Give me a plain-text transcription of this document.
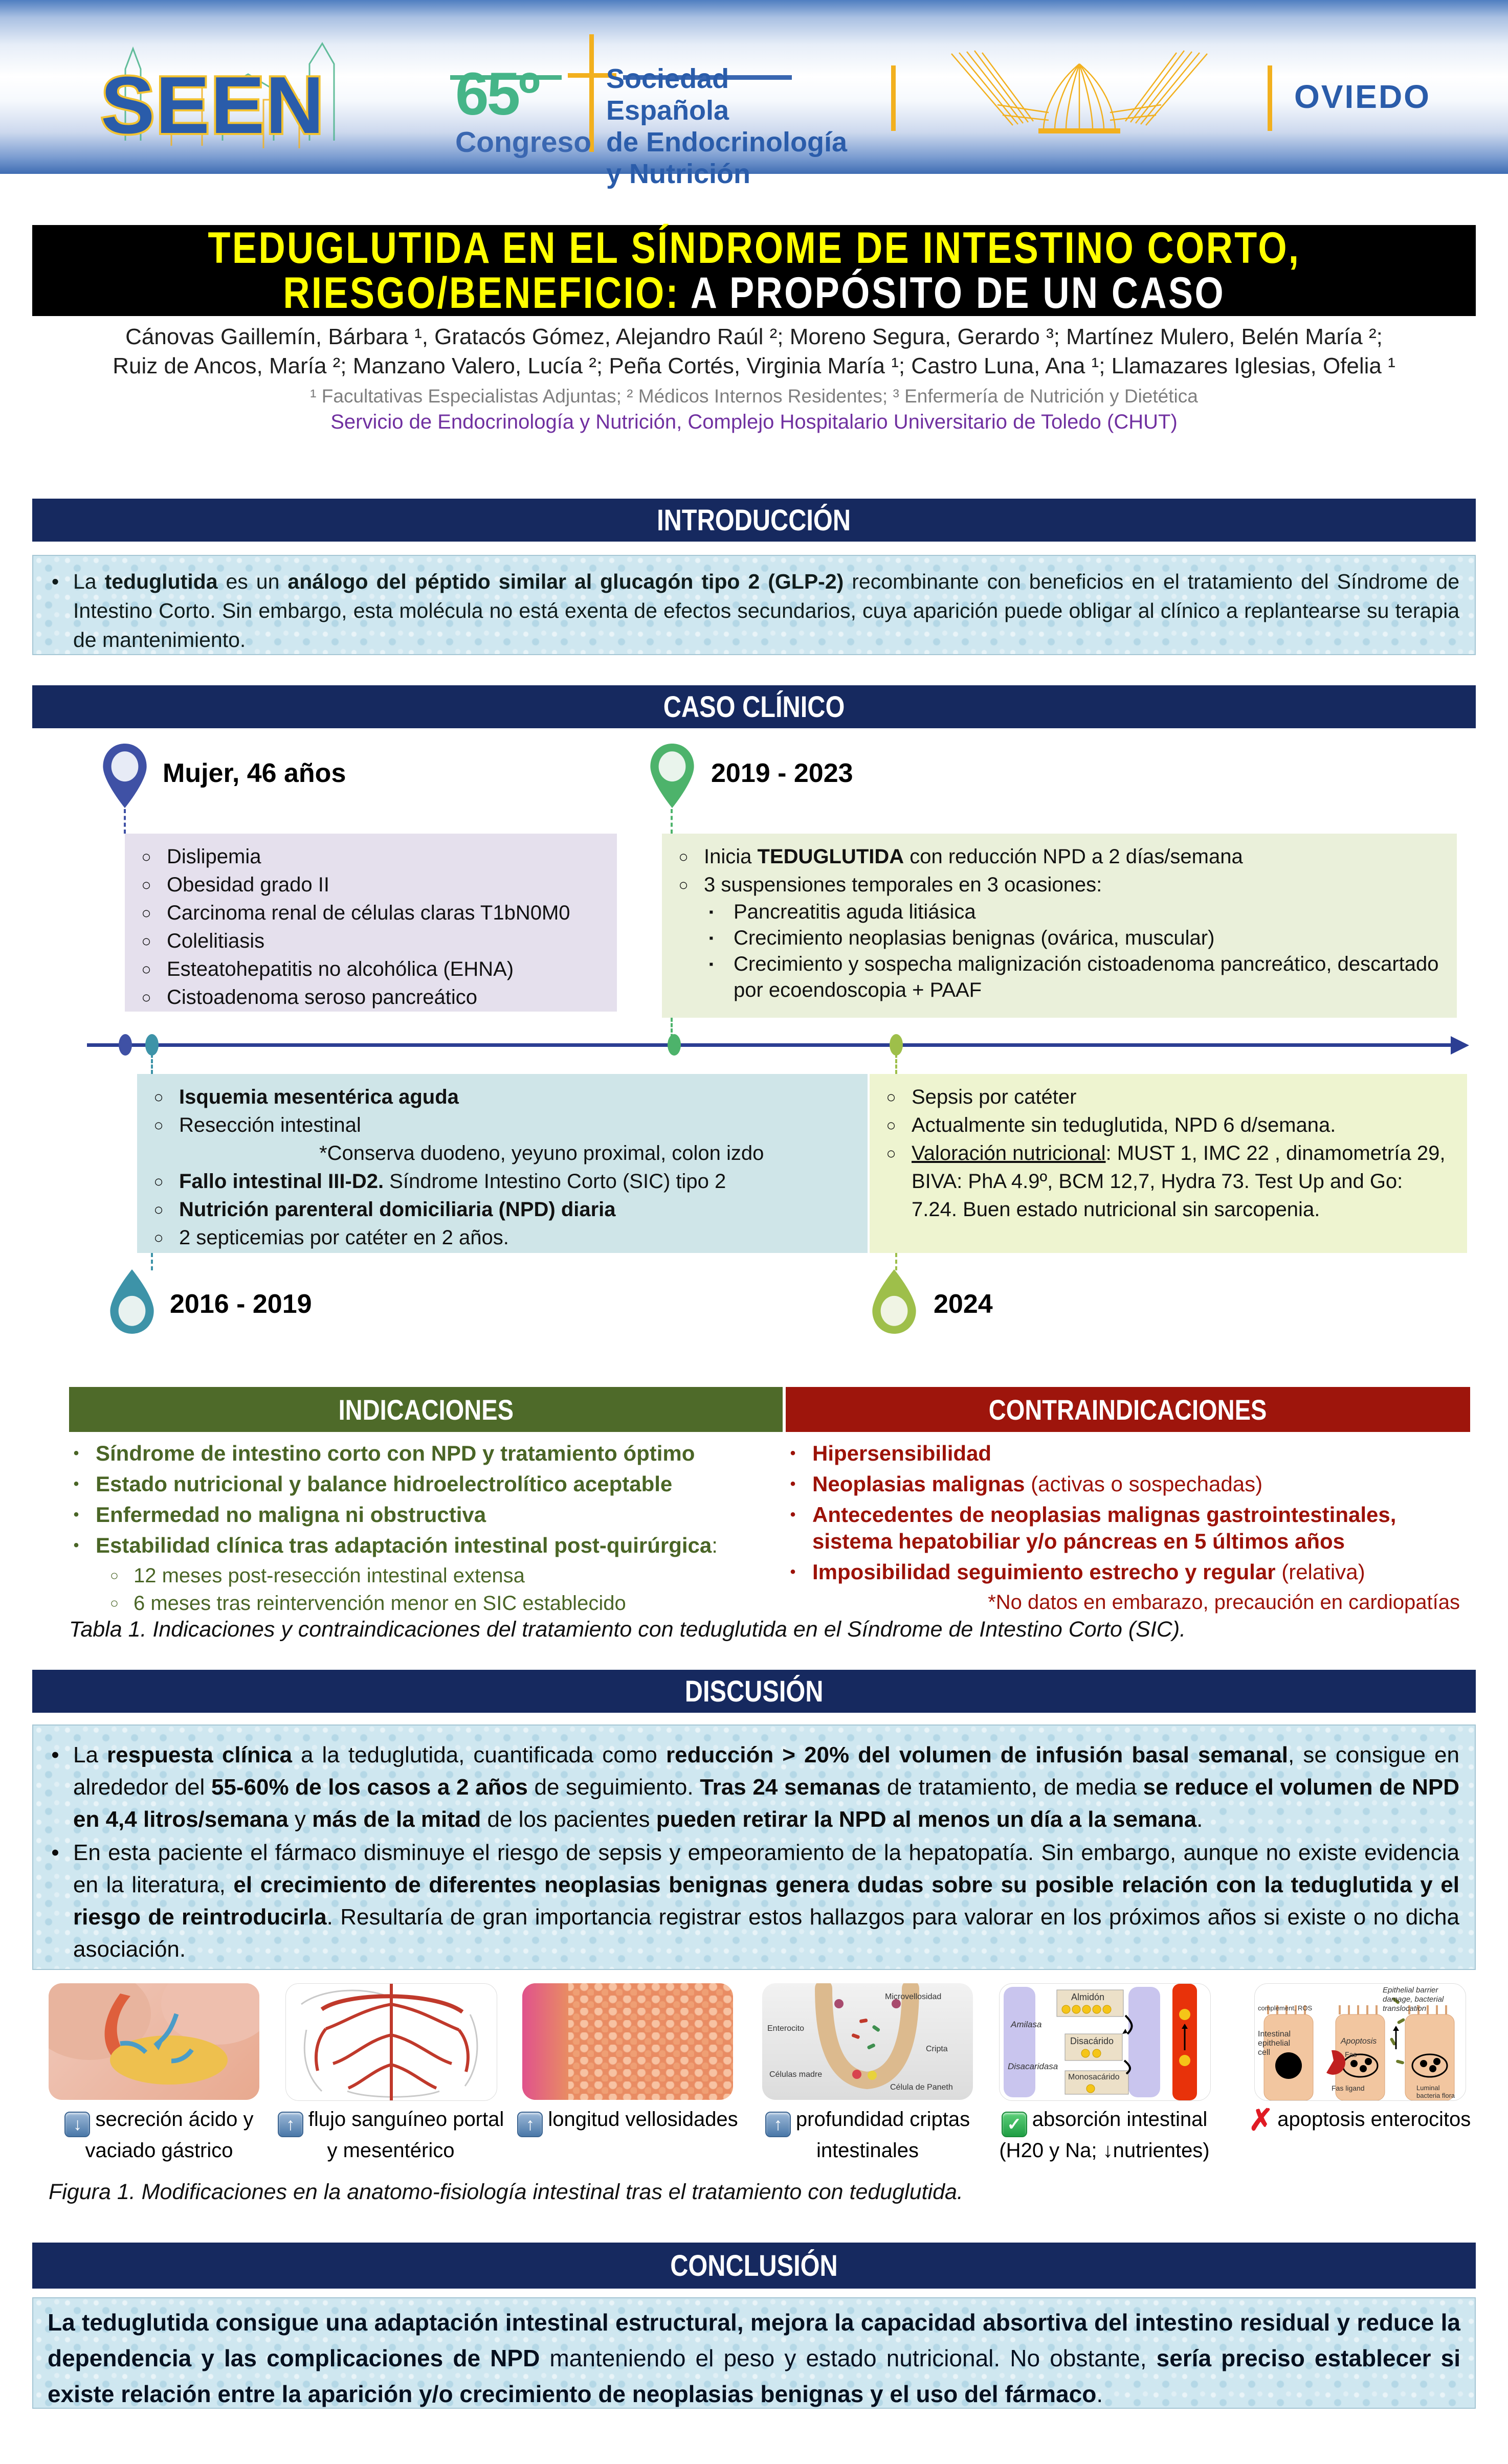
SEEN 65º
Congreso
Sociedad Española
de Endocrinología
y Nutrición
OVIEDO
TEDUGLUTIDA EN EL SÍNDROME DE INTESTINO CORTO,
RIESGO/BENEFICIO: A PROPÓSITO DE UN CASO
Cánovas Gaillemín, Bárbara ¹, Gratacós Gómez, Alejandro Raúl ²; Moreno Segura, Gerardo ³; Martínez Mulero, Belén María ²;
Ruiz de Ancos, María ²; Manzano Valero, Lucía ²; Peña Cortés, Virginia María ¹; Castro Luna, Ana ¹; Llamazares Iglesias, Ofelia ¹
¹ Facultativas Especialistas Adjuntas; ² Médicos Internos Residentes; ³ Enfermería de Nutrición y Dietética
Servicio de Endocrinología y Nutrición, Complejo Hospitalario Universitario de Toledo (CHUT)
INTRODUCCIÓN
• La teduglutida es un análogo del péptido similar al glucagón tipo 2 (GLP-2) recombinante con beneficios en el tratamiento del Síndrome de Intestino Corto. Sin embargo, esta molécula no está exenta de efectos secundarios, cuya aparición puede obligar al clínico a replantearse su terapia de mantenimiento.
CASO CLÍNICO
Mujer, 46 años	2019 - 2023
○ Dislipemia
○ Obesidad grado II
○ Carcinoma renal de células claras T1bN0M0
○ Colelitiasis
○ Esteatohepatitis no alcohólica (EHNA)
○ Cistoadenoma seroso pancreático
○ Inicia TEDUGLUTIDA con reducción NPD a 2 días/semana
○ 3 suspensiones temporales en 3 ocasiones:
▪ Pancreatitis aguda litiásica
▪ Crecimiento neoplasias benignas (ovárica, muscular)
▪ Crecimiento y sospecha malignización cistoadenoma pancreático, descartado por ecoendoscopia + PAAF
○ Isquemia mesentérica aguda
○ Resección intestinal
*Conserva duodeno, yeyuno proximal, colon izdo
○ Fallo intestinal III-D2. Síndrome Intestino Corto (SIC) tipo 2
○ Nutrición parenteral domiciliaria (NPD) diaria
○ 2 septicemias por catéter en 2 años.
○ Sepsis por catéter
○ Actualmente sin teduglutida, NPD 6 d/semana.
○ Valoración nutricional: MUST 1, IMC 22 , dinamometría 29, BIVA: PhA 4.9º, BCM 12,7, Hydra 73. Test Up and Go: 7.24. Buen estado nutricional sin sarcopenia.
2016 - 2019	2024
INDICACIONES	CONTRAINDICACIONES
• Síndrome de intestino corto con NPD y tratamiento óptimo
• Estado nutricional y balance hidroelectrolítico aceptable
• Enfermedad no maligna ni obstructiva
• Estabilidad clínica tras adaptación intestinal post-quirúrgica:
○ 12 meses post-resección intestinal extensa
○ 6 meses tras reintervención menor en SIC establecido
• Hipersensibilidad
• Neoplasias malignas (activas o sospechadas)
• Antecedentes de neoplasias malignas gastrointestinales, sistema hepatobiliar y/o páncreas en 5 últimos años
• Imposibilidad seguimiento estrecho y regular (relativa)
*No datos en embarazo, precaución en cardiopatías
Tabla 1. Indicaciones y contraindicaciones del tratamiento con teduglutida en el Síndrome de Intestino Corto (SIC).
DISCUSIÓN
• La respuesta clínica a la teduglutida, cuantificada como reducción > 20% del volumen de infusión basal semanal, se consigue en alrededor del 55-60% de los casos a 2 años de seguimiento. Tras 24 semanas de tratamiento, de media se reduce el volumen de NPD en 4,4 litros/semana y más de la mitad de los pacientes pueden retirar la NPD al menos un día a la semana.
• En esta paciente el fármaco disminuye el riesgo de sepsis y empeoramiento de la hepatopatía. Sin embargo, aunque no existe evidencia en la literatura, el crecimiento de diferentes neoplasias benignas genera dudas sobre su posible relación con la teduglutida y el riesgo de reintroducirla. Resultaría de gran importancia registrar estos hallazgos para valorar en los próximos años si existe o no dicha asociación.
Microvellosidad
Enterocito
Cripta
Células madre
Célula de Paneth
Almidón
Amilasa
Disacárido
Disacaridasa
Monosacárido
Epithelial barrier damage, bacterial translocation
Intestinal epithelial cell
Apoptosis
Fas
Fas ligand	Luminal bacteria flora
complement, ROS
↓ secreción ácido y vaciado gástrico
↑ flujo sanguíneo portal y mesentérico
↑ longitud vellosidades	↑ profundidad criptas intestinales
✓ absorción intestinal (H20 y Na; ↓nutrientes)
✗ apoptosis enterocitos
Figura 1. Modificaciones en la anatomo-fisiología intestinal tras el tratamiento con teduglutida.
CONCLUSIÓN
La teduglutida consigue una adaptación intestinal estructural, mejora la capacidad absortiva del intestino residual y reduce la dependencia y las complicaciones de NPD manteniendo el peso y estado nutricional. No obstante, sería preciso establecer si existe relación entre la aparición y/o crecimiento de neoplasias benignas y el uso del fármaco.
